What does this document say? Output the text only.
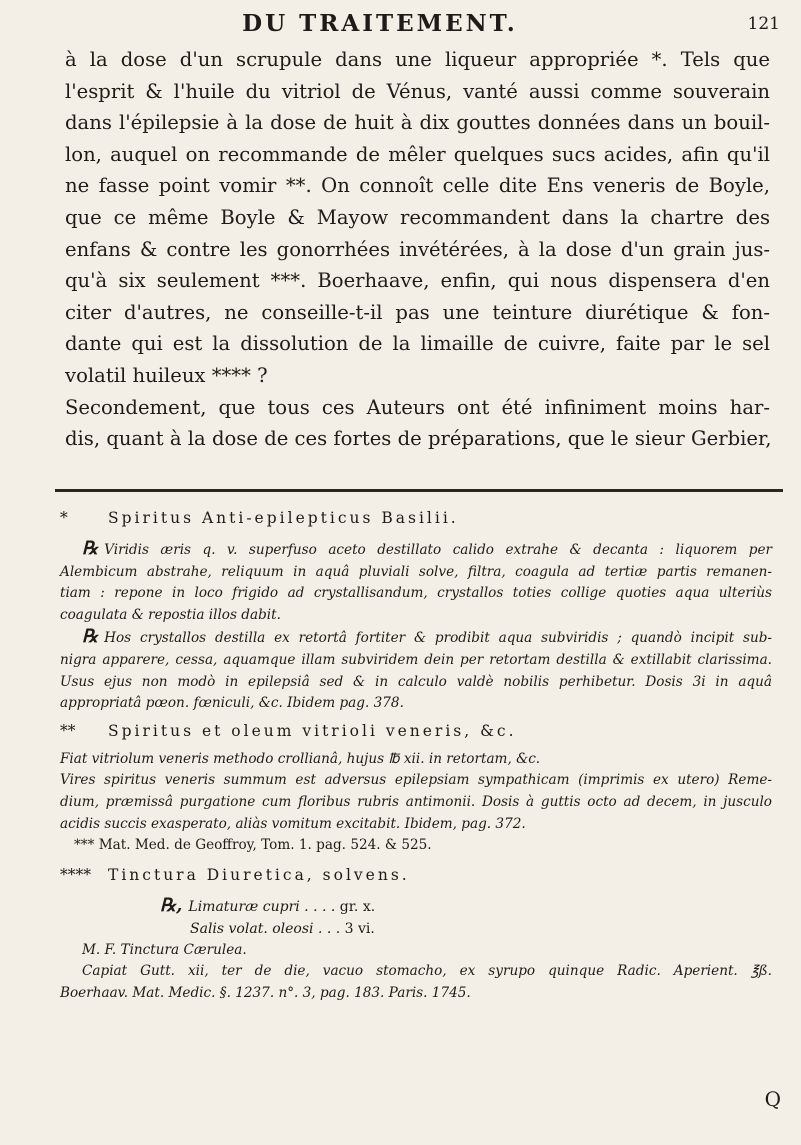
DU TRAITEMENT.	121
à la dose d'un scrupule dans une liqueur appropriée *. Tels que
l'esprit & l'huile du vitriol de Vénus, vanté aussi comme souverain
dans l'épilepsie à la dose de huit à dix gouttes données dans un bouil-
lon, auquel on recommande de mêler quelques sucs acides, afin qu'il
ne fasse point vomir **. On connoît celle dite Ens veneris de Boyle,
que ce même Boyle & Mayow recommandent dans la chartre des
enfans & contre les gonorrhées invétérées, à la dose d'un grain jus-
qu'à six seulement ***. Boerhaave, enfin, qui nous dispensera d'en
citer d'autres, ne conseille-t-il pas une teinture diurétique & fon-
dante qui est la dissolution de la limaille de cuivre, faite par le sel
volatil huileux **** ?
Secondement, que tous ces Auteurs ont été infiniment moins har-
dis, quant à la dose de ces fortes de préparations, que le sieur Gerbier,
*	Spiritus Anti-epilepticus Basilii.
℞ Viridis æris q. v. superfuso aceto destillato calido extrahe & decanta : liquorem per
Alembicum abstrahe, reliquum in aquâ pluviali solve, filtra, coagula ad tertiæ partis remanen-
tiam : repone in loco frigido ad crystallisandum, crystallos toties collige quoties aqua ulteriùs
coagulata & repostia illos dabit.
℞ Hos crystallos destilla ex retortâ fortiter & prodibit aqua subviridis ; quandò incipit sub-
nigra apparere, cessa, aquamque illam subviridem dein per retortam destilla & extillabit clarissima.
Usus ejus non modò in epilepsiâ sed & in calculo valdè nobilis perhibetur. Dosis 3i in aquâ
appropriatâ pœon. fœniculi, &c. Ibidem pag. 378.
** Spiritus et oleum vitrioli veneris, &c.
Fiat vitriolum veneris methodo crollianâ, hujus ℔ xii. in retortam, &c.
Vires spiritus veneris summum est adversus epilepsiam sympathicam (imprimis ex utero) Reme-
dium, præmissâ purgatione cum floribus rubris antimonii. Dosis à guttis octo ad decem, in jusculo
acidis succis exasperato, aliàs vomitum excitabit. Ibidem, pag. 372.
*** Mat. Med. de Geoffroy, Tom. 1. pag. 524. & 525.
**** Tinctura Diuretica, solvens.
℞, Limaturæ cupri . . . . gr. x.
Salis volat. oleosi . . . 3 vi.
M. F. Tinctura Cærulea.
Capiat Gutt. xii, ter de die, vacuo stomacho, ex syrupo quinque Radic. Aperient. ℥ß.
Boerhaav. Mat. Medic. §. 1237. n°. 3, pag. 183. Paris. 1745.
Q
